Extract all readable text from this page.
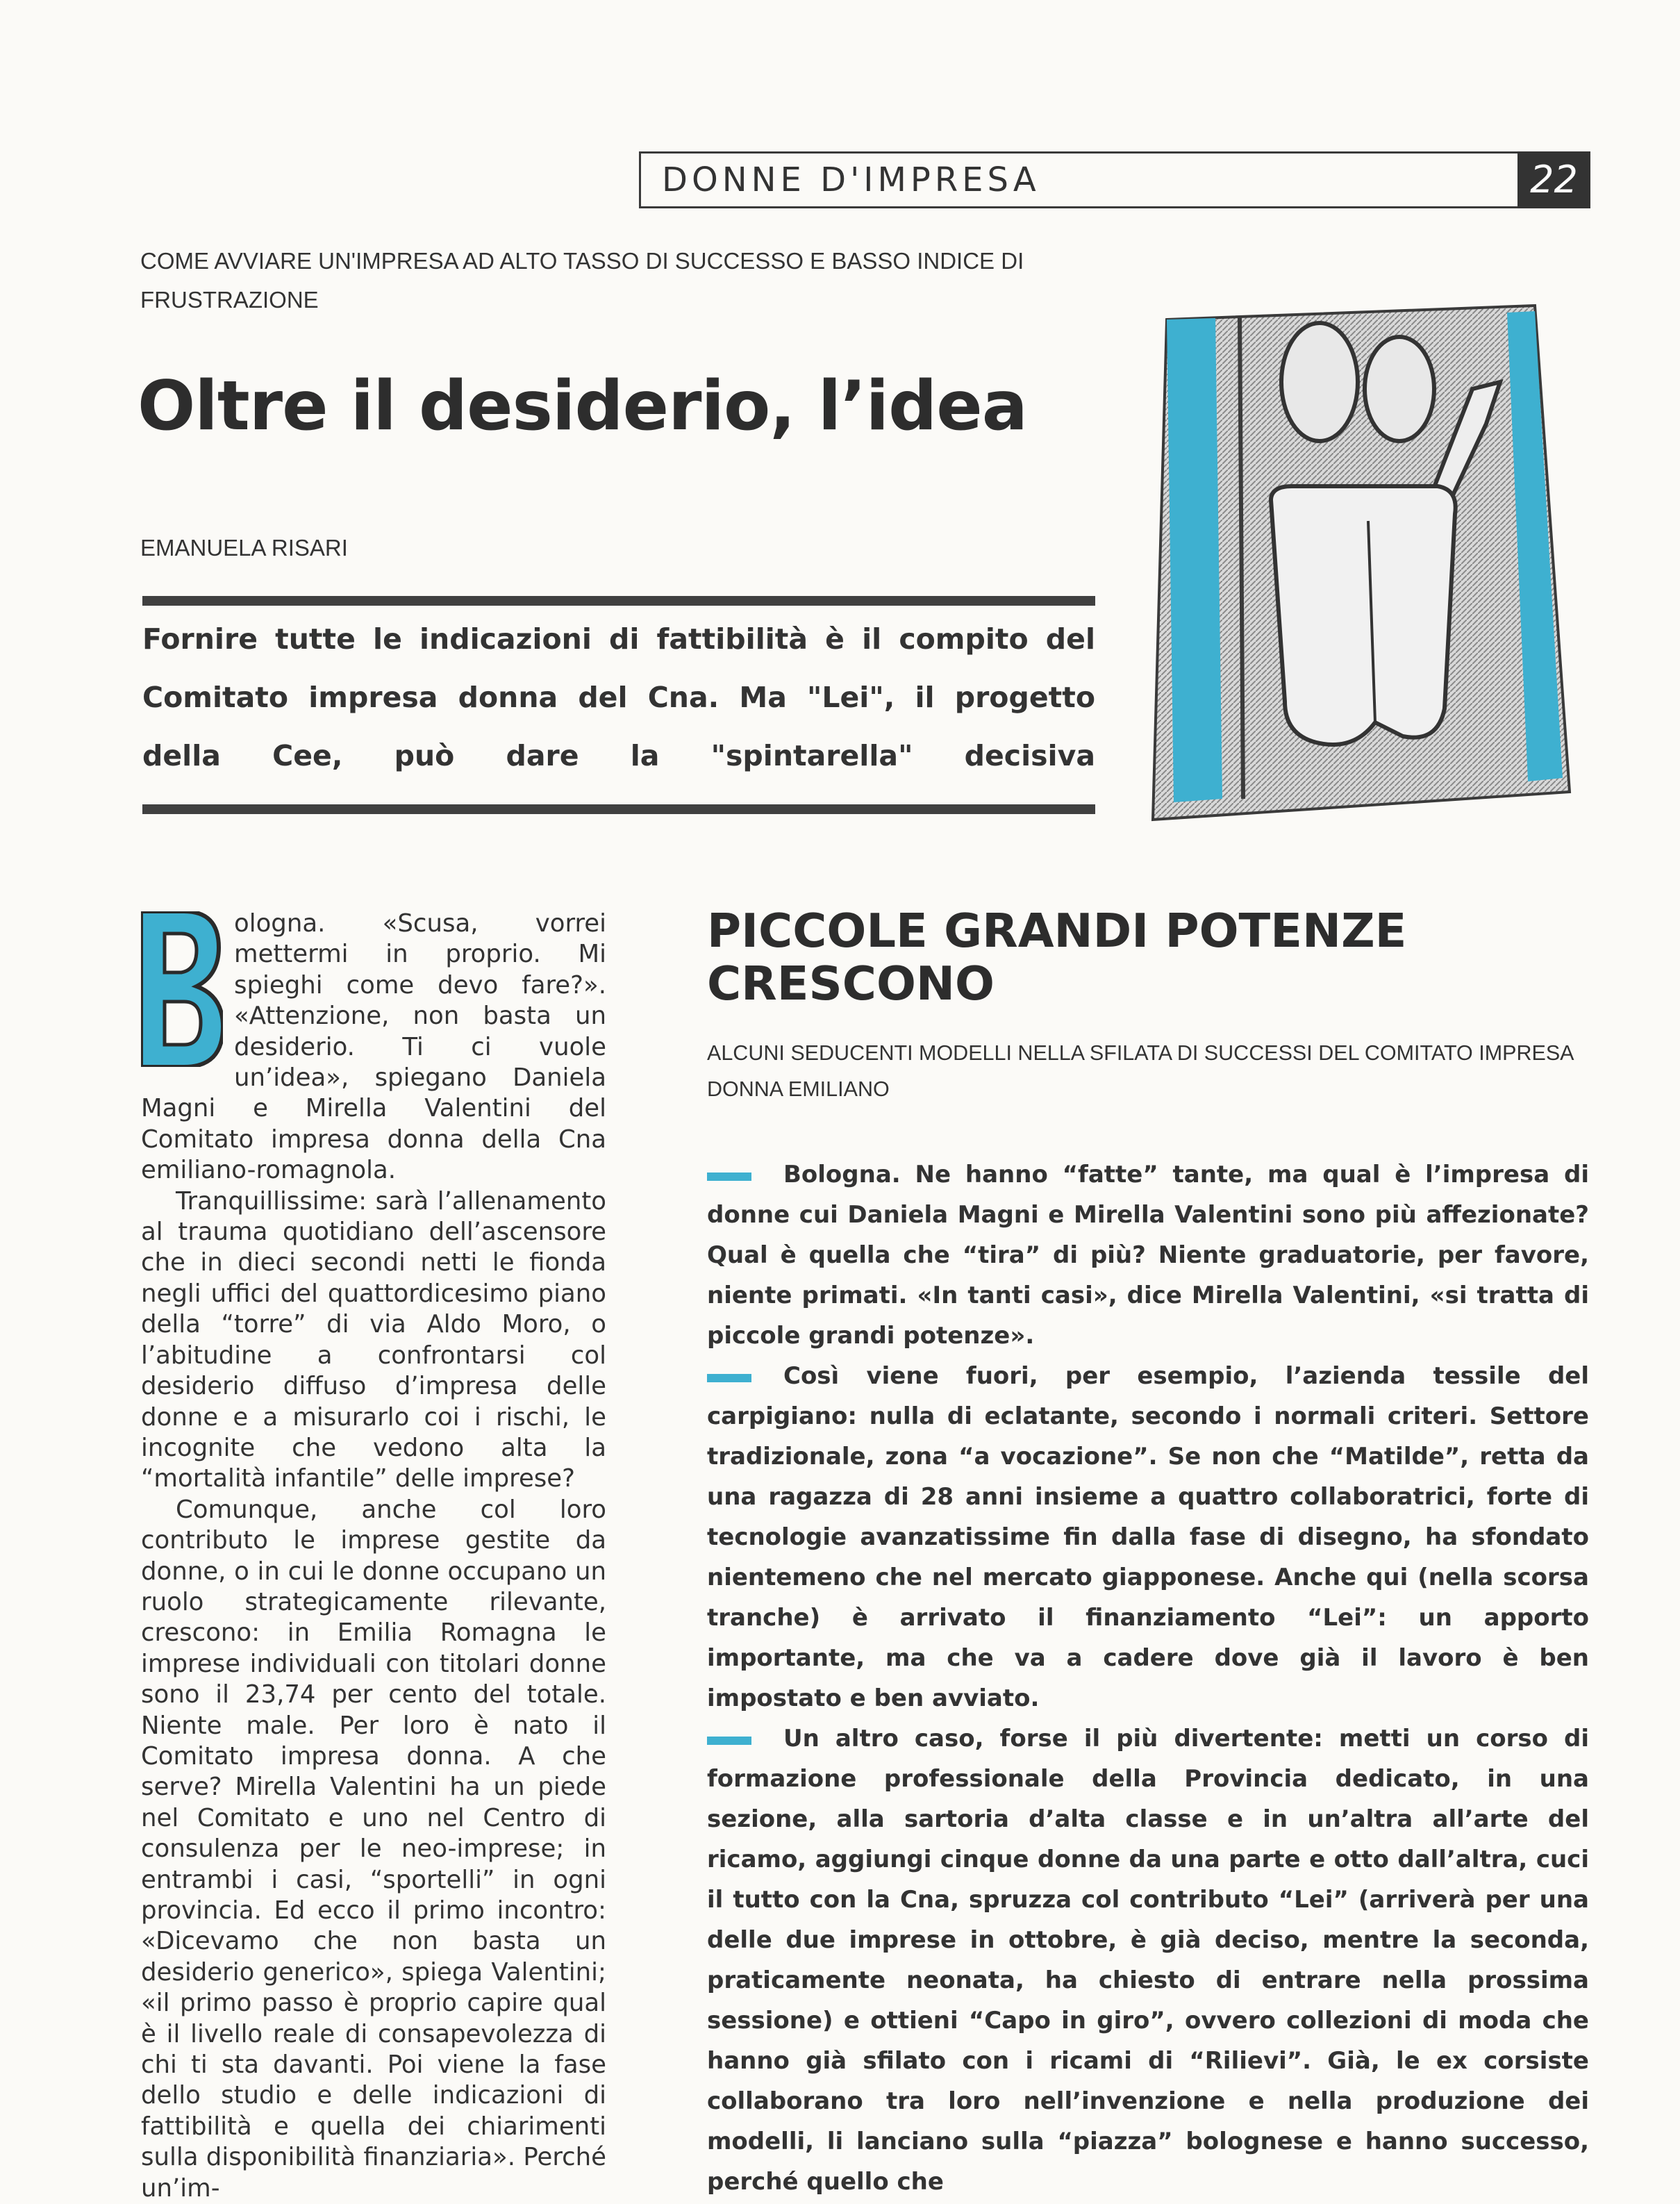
DONNE D'IMPRESA	22
COME AVVIARE UN'IMPRESA AD ALTO TASSO DI SUCCESSO E BASSO INDICE DI FRUSTRAZIONE
Oltre il desiderio, l’idea
EMANUELA RISARI
Fornire tutte le indicazioni di fattibilità è il compito del Comitato impresa donna del Cna. Ma "Lei", il progetto della Cee, può dare la "spintarella" decisiva

ologna. «Scusa, vorrei mettermi in proprio. Mi spieghi come devo fare?». «Attenzione, non basta un desiderio. Ti ci vuole un’idea», spiegano Daniela Magni e Mirella Valentini del Comitato impresa donna della Cna emiliano-romagnola.

Tranquillissime: sarà l’allenamento al trauma quotidiano dell’ascensore che in dieci secondi netti le fionda negli uffici del quattordicesimo piano della “torre” di via Aldo Moro, o l’abitudine a confrontarsi col desiderio diffuso d’impresa delle donne e a misurarlo coi i rischi, le incognite che vedono alta la “mortalità infantile” delle imprese?

Comunque, anche col loro contributo le imprese gestite da donne, o in cui le donne occupano un ruolo strategicamente rilevante, crescono: in Emilia Romagna le imprese individuali con titolari donne sono il 23,74 per cento del totale. Niente male. Per loro è nato il Comitato impresa donna. A che serve? Mirella Valentini ha un piede nel Comitato e uno nel Centro di consulenza per le neo-imprese; in entrambi i casi, “sportelli” in ogni provincia. Ed ecco il primo incontro: «Dicevamo che non basta un desiderio generico», spiega Valentini; «il primo passo è proprio capire qual è il livello reale di consapevolezza di chi ti sta davanti. Poi viene la fase dello studio e delle indicazioni di fattibilità e quella dei chiarimenti sulla disponibilità finanziaria». Perché un’im-

PICCOLE GRANDI POTENZE CRESCONO
ALCUNI SEDUCENTI MODELLI NELLA SFILATA DI SUCCESSI DEL COMITATO IMPRESA DONNA EMILIANO

Bologna. Ne hanno “fatte” tante, ma qual è l’impresa di donne cui Daniela Magni e Mirella Valentini sono più affezionate? Qual è quella che “tira” di più? Niente graduatorie, per favore, niente primati. «In tanti casi», dice Mirella Valentini, «si tratta di piccole grandi potenze».

Così viene fuori, per esempio, l’azienda tessile del carpigiano: nulla di eclatante, secondo i normali criteri. Settore tradizionale, zona “a vocazione”. Se non che “Matilde”, retta da una ragazza di 28 anni insieme a quattro collaboratrici, forte di tecnologie avanzatissime fin dalla fase di disegno, ha sfondato nientemeno che nel mercato giapponese. Anche qui (nella scorsa tranche) è arrivato il finanziamento “Lei”: un apporto importante, ma che va a cadere dove già il lavoro è ben impostato e ben avviato.

Un altro caso, forse il più divertente: metti un corso di formazione professionale della Provincia dedicato, in una sezione, alla sartoria d’alta classe e in un’altra all’arte del ricamo, aggiungi cinque donne da una parte e otto dall’altra, cuci il tutto con la Cna, spruzza col contributo “Lei” (arriverà per una delle due imprese in ottobre, è già deciso, mentre la seconda, praticamente neonata, ha chiesto di entrare nella prossima sessione) e ottieni “Capo in giro”, ovvero collezioni di moda che hanno già sfilato con i ricami di “Rilievi”. Già, le ex corsiste collaborano tra loro nell’invenzione e nella produzione dei modelli, li lanciano sulla “piazza” bolognese e hanno successo, perché quello che
